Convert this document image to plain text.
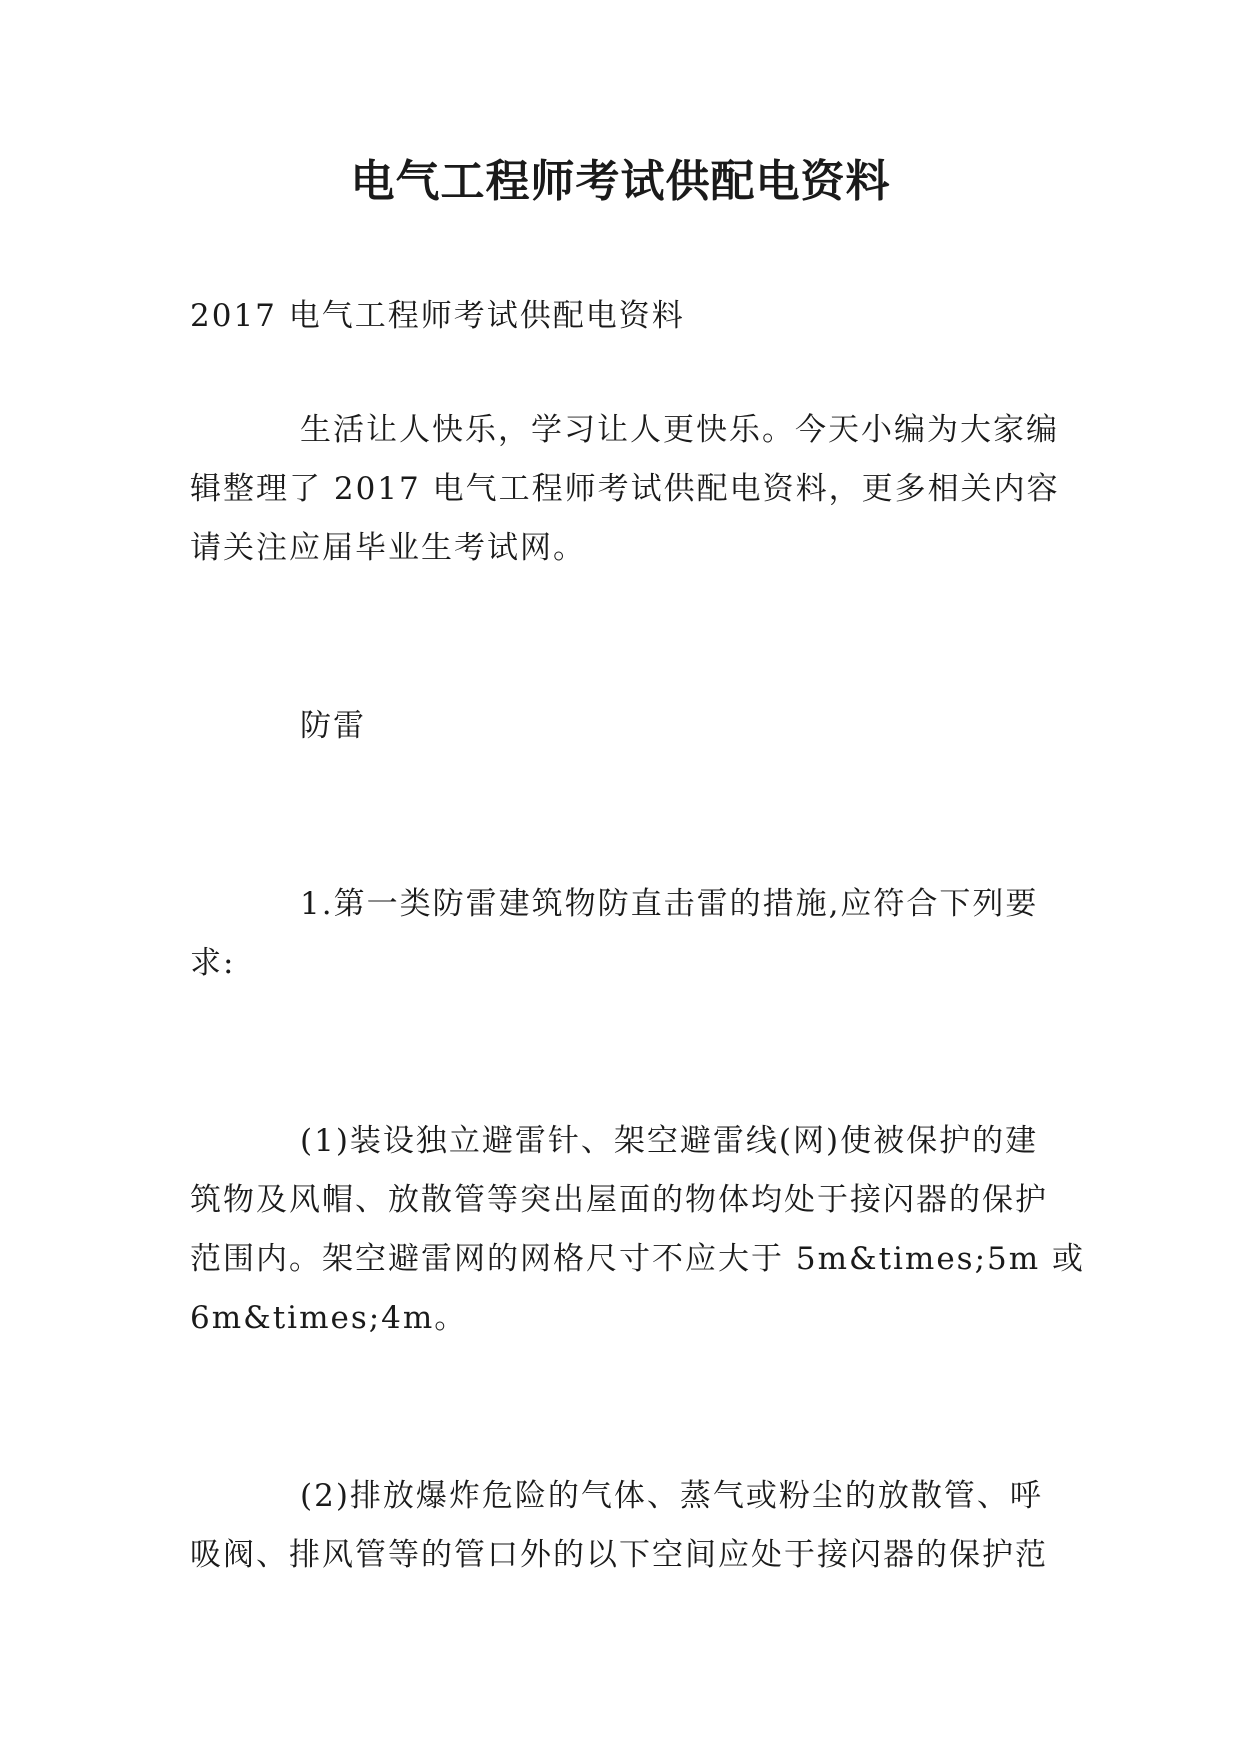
电气工程师考试供配电资料

2017 电气工程师考试供配电资料

生活让人快乐，学习让人更快乐。今天小编为大家编

辑整理了 2017 电气工程师考试供配电资料，更多相关内容

请关注应届毕业生考试网。

防雷

1.第一类防雷建筑物防直击雷的措施,应符合下列要

求:

(1)装设独立避雷针、架空避雷线(网)使被保护的建

筑物及风帽、放散管等突出屋面的物体均处于接闪器的保护

范围内。架空避雷网的网格尺寸不应大于 5m&times;5m 或

6m&times;4m。

(2)排放爆炸危险的气体、蒸气或粉尘的放散管、呼

吸阀、排风管等的管口外的以下空间应处于接闪器的保护范
